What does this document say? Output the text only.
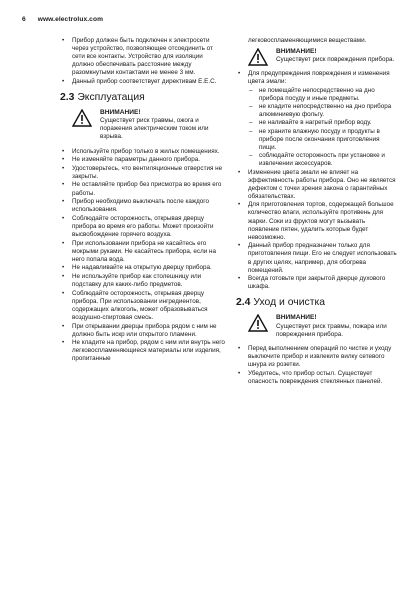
6 www.electrolux.com
• Прибор должен быть подключен к электросети через устройство, позволяющее отсоединить от сети все контакты. Устройство для изоляции должно обеспечивать расстояние между разомкнутыми контактами не менее 3 мм.
• Данный прибор соответствует директивам E.E.C.
2.3 Эксплуатация
ВНИМАНИЕ!
Существует риск травмы, ожога и поражения электрическим током или взрыва.
• Используйте прибор только в жилых помещениях.
• Не изменяйте параметры данного прибора.
• Удостоверьтесь, что вентиляционные отверстия не закрыты.
• Не оставляйте прибор без присмотра во время его работы.
• Прибор необходимо выключать после каждого использования.
• Соблюдайте осторожность, открывая дверцу прибора во время его работы. Может произойти высвобождение горячего воздуха.
• При использовании прибора не касайтесь его мокрыми руками. Не касайтесь прибора, если на него попала вода.
• Не надавливайте на открытую дверцу прибора.
• Не используйте прибор как столешницу или подставку для каких-либо предметов.
• Соблюдайте осторожность, открывая дверцу прибора. При использовании ингредиентов, содержащих алкоголь, может образовываться воздушно-спиртовая смесь.
• При открывании дверцы прибора рядом с ним не должно быть искр или открытого пламени.
• Не кладите на прибор, рядом с ним или внутрь него легковоспламеняющиеся материалы или изделия, пропитанные
легковоспламеняющимися веществами.
ВНИМАНИЕ!
Существует риск повреждения прибора.
• Для предупреждения повреждения и изменения цвета эмали:
– не помещайте непосредственно на дно прибора посуду и иные предметы.
– не кладите непосредственно на дно прибора алюминиевую фольгу.
– не наливайте в нагретый прибор воду.
– не храните влажную посуду и продукты в приборе после окончания приготовления пищи.
– соблюдайте осторожность при установке и извлечении аксессуаров.
• Изменение цвета эмали не влияет на эффективность работы прибора. Оно не является дефектом с точки зрения закона о гарантийных обязательствах.
• Для приготовления тортов, содержащей большое количество влаги, используйте противень для жарки. Соки из фруктов могут вызывать появление пятен, удалить которые будет невозможно.
• Данный прибор предназначен только для приготовления пищи. Его не следует использовать в других целях, например, для обогрева помещений.
• Всегда готовьте при закрытой дверце духового шкафа.
2.4 Уход и очистка
ВНИМАНИЕ!
Существует риск травмы, пожара или повреждения прибора.
• Перед выполнением операций по чистке и уходу выключите прибор и извлеките вилку сетевого шнура из розетки.
• Убедитесь, что прибор остыл. Существует опасность повреждения стеклянных панелей.
